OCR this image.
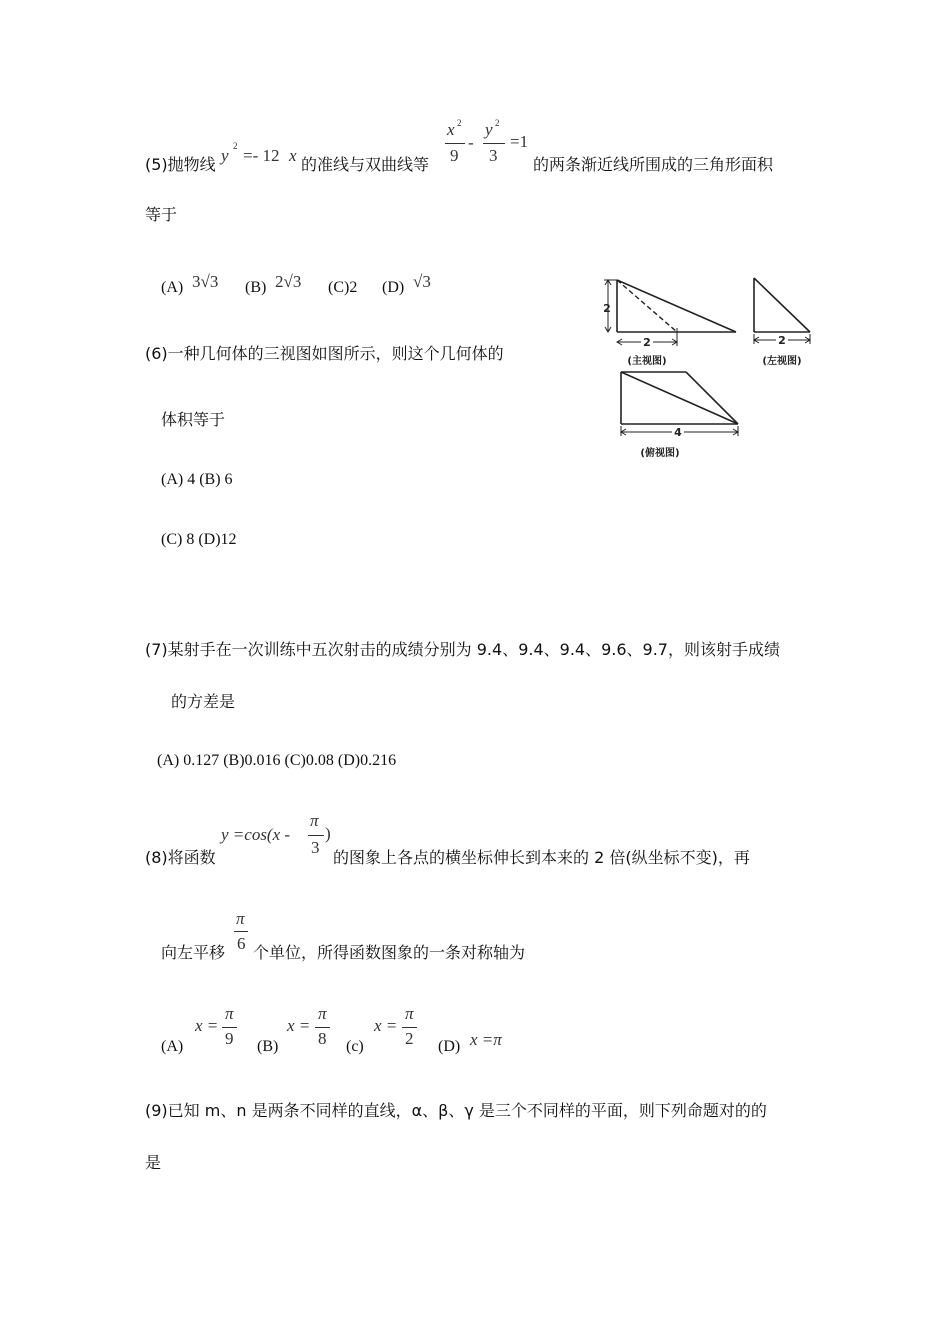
(5)抛物线 y 2 =- 12 x 的准线与双曲线等
x 2
9
-
y 2
3
=1
的两条渐近线所围成的三角形面积
等于
(A) 3√3 (B) 2√3 (C)2 (D) √3
(6)一种几何体的三视图如图所示，则这个几何体的
体积等于
(A) 4 (B) 6
(C) 8 (D)12
2
2
(主视图)
2
(左视图)
4
(俯视图)
(7)某射手在一次训练中五次射击的成绩分别为 9.4、9.4、9.4、9.6、9.7，则该射手成绩
的方差是
(A) 0.127 (B)0.016 (C)0.08 (D)0.216
(8)将函数
y =cos(x -
π
3
)
的图象上各点的横坐标伸长到本来的 2 倍(纵坐标不变)，再
向左平移
π
6 个单位，所得函数图象的一条对称轴为
(A)
x =
π
9 (B)
x =
π
8 (c)
x =
π
2 (D) x =π
(9)已知 m、n 是两条不同样的直线，α、β、γ 是三个不同样的平面，则下列命题对的的
是
